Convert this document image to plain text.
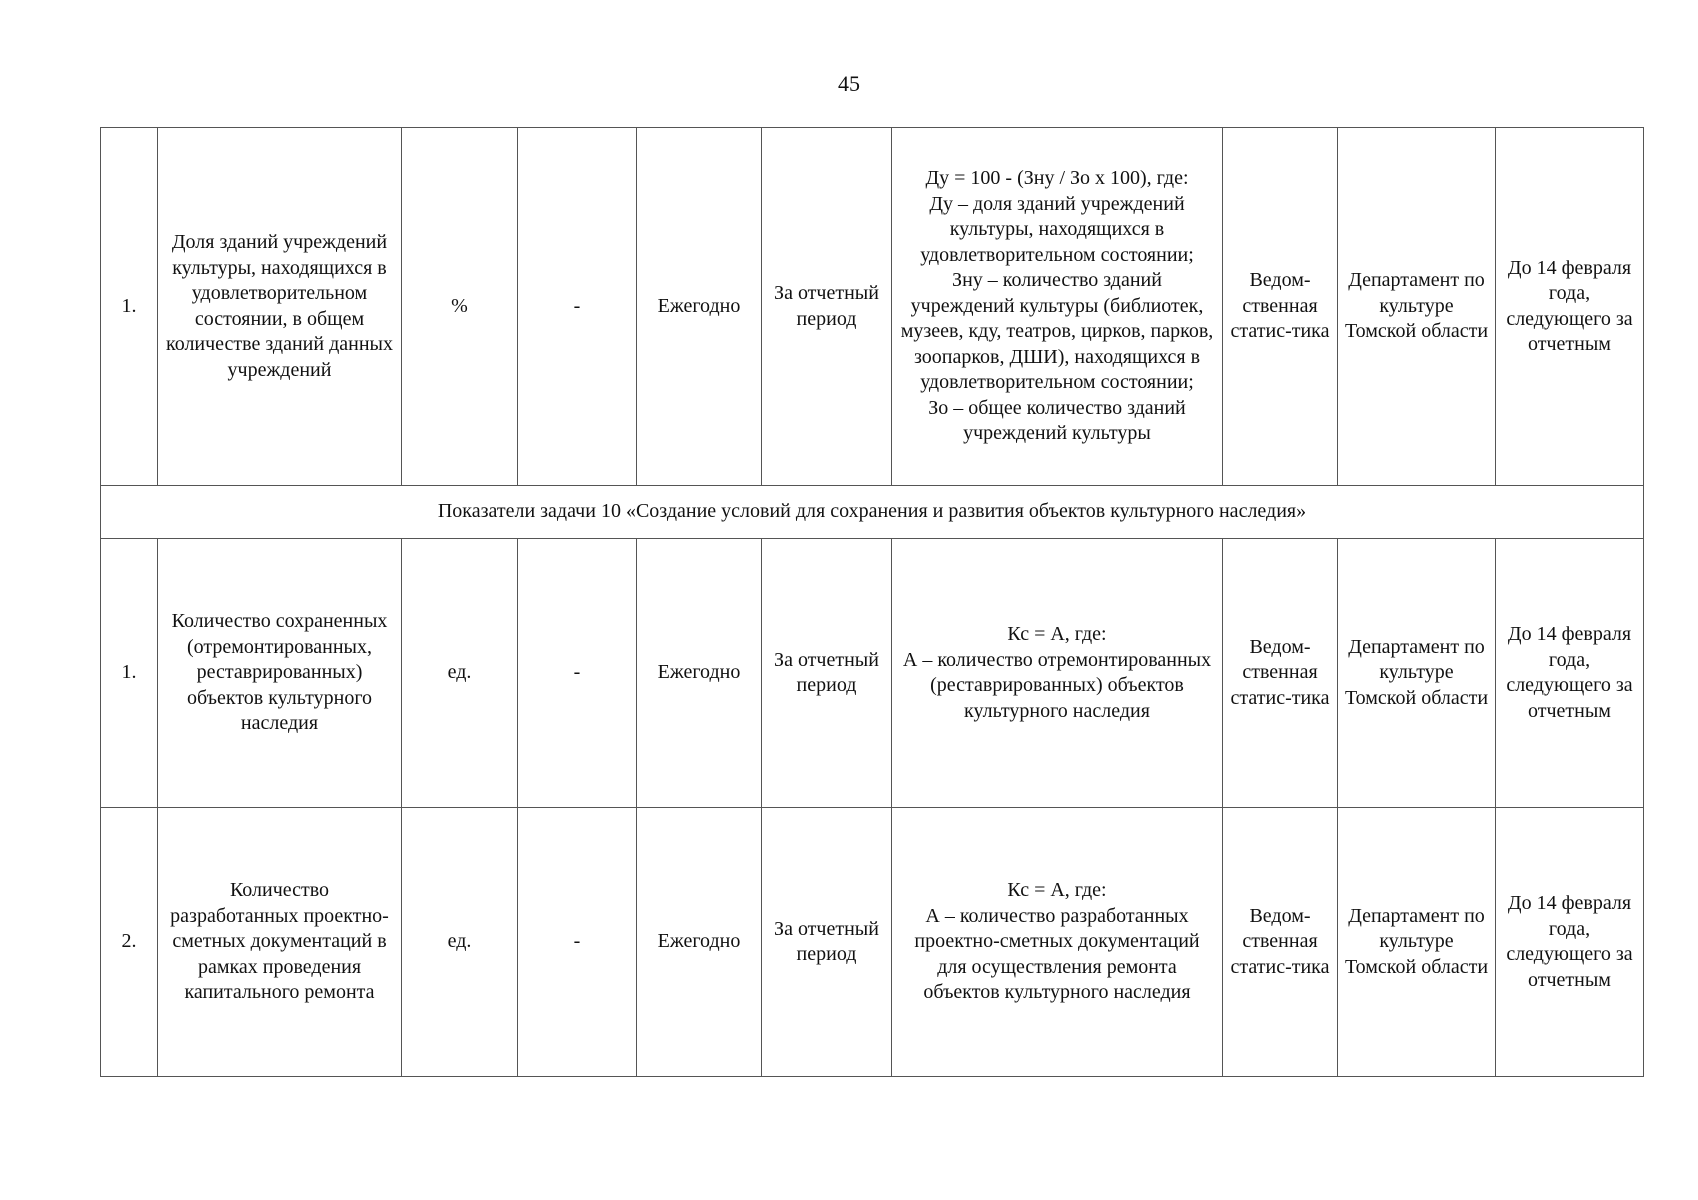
45
1.	Доля зданий учреждений культуры, находящихся в удовлетворительном состоянии, в общем количестве зданий данных учреждений	%	-	Ежегодно	За отчетный период	Ду = 100 - (Зну / Зо х 100), где:
Ду – доля зданий учреждений культуры, находящихся в удовлетворительном состоянии;
Зну – количество зданий учреждений культуры (библиотек, музеев, кду, театров, цирков, парков, зоопарков, ДШИ), находящихся в удовлетворительном состоянии;
Зо – общее количество зданий учреждений культуры	Ведом-ственная статис-тика	Департамент по культуре Томской области	До 14 февраля года, следующего за отчетным
Показатели задачи 10 «Создание условий для сохранения и развития объектов культурного наследия»									
1.	Количество сохраненных (отремонтированных, реставрированных) объектов культурного наследия	ед.	-	Ежегодно	За отчетный период	Кс = А, где:
А – количество отремонтированных (реставрированных) объектов культурного наследия	Ведом-ственная статис-тика	Департамент по культуре Томской области	До 14 февраля года, следующего за отчетным
2.	Количество разработанных проектно-сметных документаций в рамках проведения капитального ремонта	ед.	-	Ежегодно	За отчетный период	Кс = А, где:
А – количество разработанных проектно-сметных документаций для осуществления ремонта объектов культурного наследия	Ведом-ственная статис-тика	Департамент по культуре Томской области	До 14 февраля года, следующего за отчетным
